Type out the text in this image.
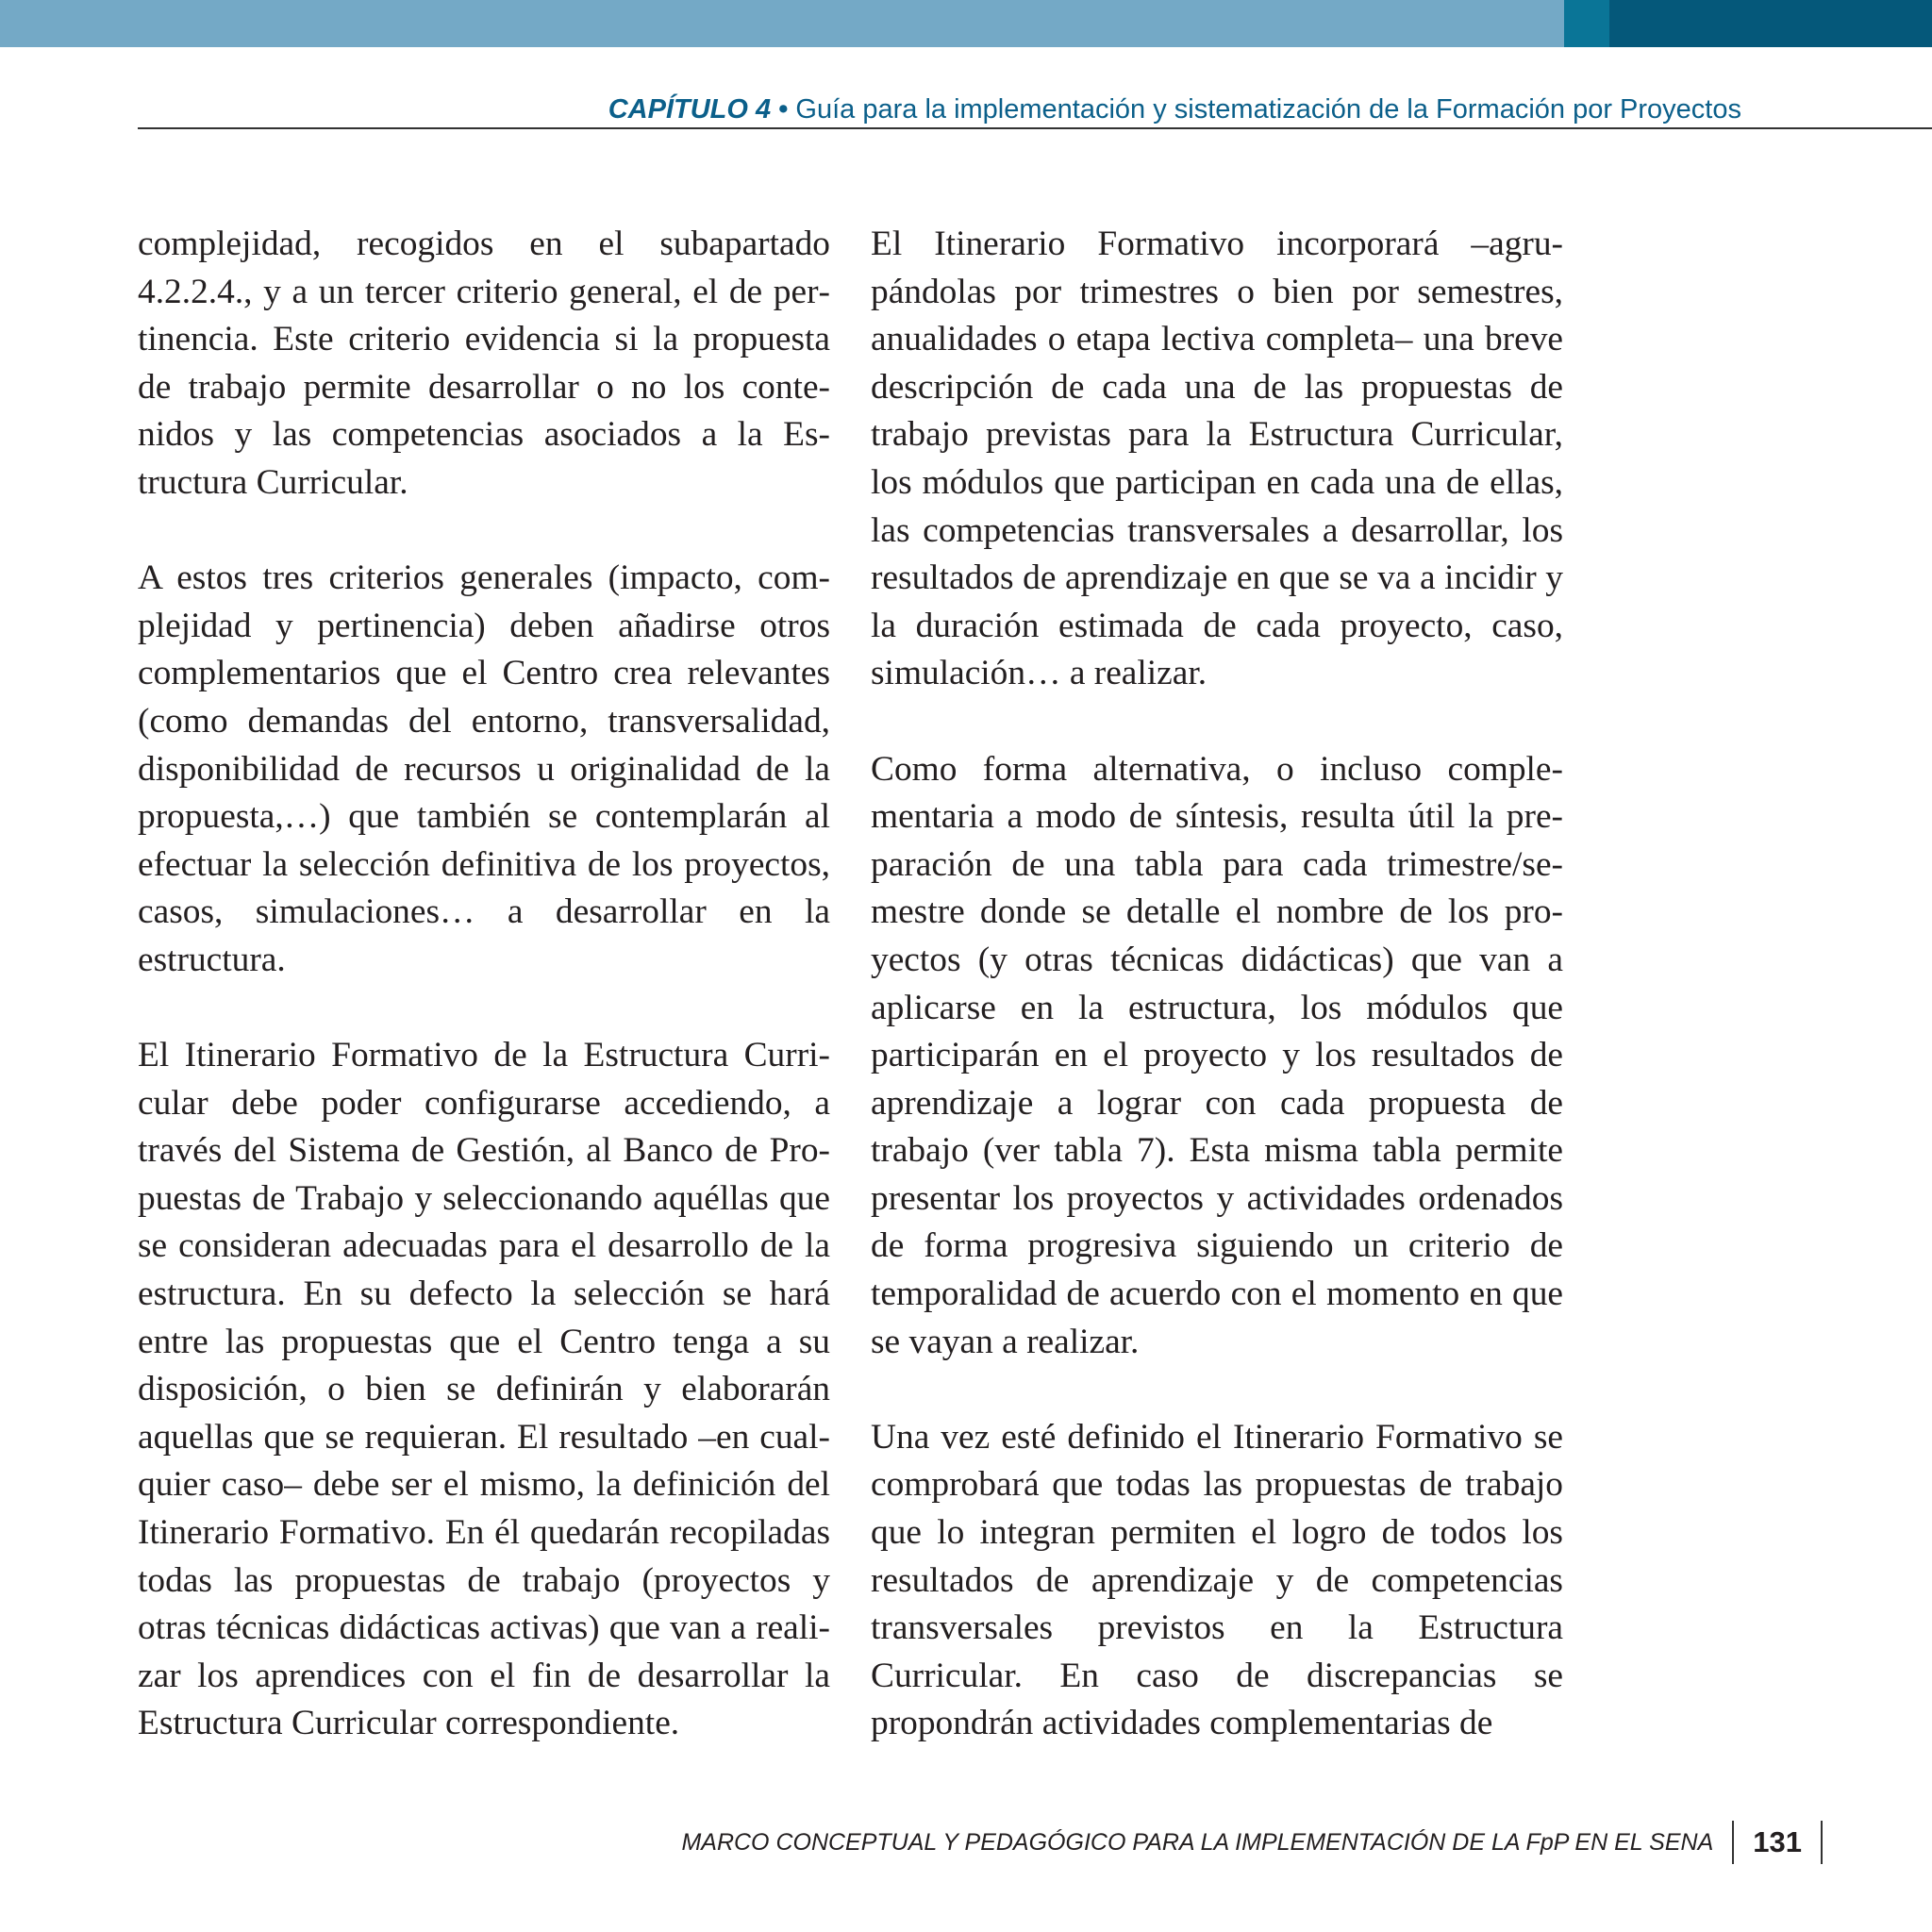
CAPÍTULO 4 • Guía para la implementación y sistematización de la Formación por Proyectos

complejidad, recogidos en el subapartado 4.2.2.4., y a un tercer criterio general, el de pertinencia. Este criterio evidencia si la propuesta de trabajo permite desarrollar o no los contenidos y las competencias asociados a la Estructura Curricular.

A estos tres criterios generales (impacto, complejidad y pertinencia) deben añadirse otros complementarios que el Centro crea relevantes (como demandas del entorno, transversalidad, disponibilidad de recursos u originalidad de la propuesta,…) que también se contemplarán al efectuar la selección definitiva de los proyectos, casos, simulaciones… a desarrollar en la estructura.

El Itinerario Formativo de la Estructura Curricular debe poder configurarse accediendo, a través del Sistema de Gestión, al Banco de Propuestas de Trabajo y seleccionando aquéllas que se consideran adecuadas para el desarrollo de la estructura. En su defecto la selección se hará entre las propuestas que el Centro tenga a su disposición, o bien se definirán y elaborarán aquellas que se requieran. El resultado –en cualquier caso– debe ser el mismo, la definición del Itinerario Formativo. En él quedarán recopiladas todas las propuestas de trabajo (proyectos y otras técnicas didácticas activas) que van a realizar los aprendices con el fin de desarrollar la Estructura Curricular correspondiente.

El Itinerario Formativo incorporará –agrupándolas por trimestres o bien por semestres, anualidades o etapa lectiva completa– una breve descripción de cada una de las propuestas de trabajo previstas para la Estructura Curricular, los módulos que participan en cada una de ellas, las competencias transversales a desarrollar, los resultados de aprendizaje en que se va a incidir y la duración estimada de cada proyecto, caso, simulación… a realizar.

Como forma alternativa, o incluso complementaria a modo de síntesis, resulta útil la preparación de una tabla para cada trimestre/semestre donde se detalle el nombre de los proyectos (y otras técnicas didácticas) que van a aplicarse en la estructura, los módulos que participarán en el proyecto y los resultados de aprendizaje a lograr con cada propuesta de trabajo (ver tabla 7). Esta misma tabla permite presentar los proyectos y actividades ordenados de forma progresiva siguiendo un criterio de temporalidad de acuerdo con el momento en que se vayan a realizar.

Una vez esté definido el Itinerario Formativo se comprobará que todas las propuestas de trabajo que lo integran permiten el logro de todos los resultados de aprendizaje y de competencias transversales previstos en la Estructura Curricular. En caso de discrepancias se propondrán actividades complementarias de

MARCO CONCEPTUAL Y PEDAGÓGICO PARA LA IMPLEMENTACIÓN DE LA FpP EN EL SENA 131
